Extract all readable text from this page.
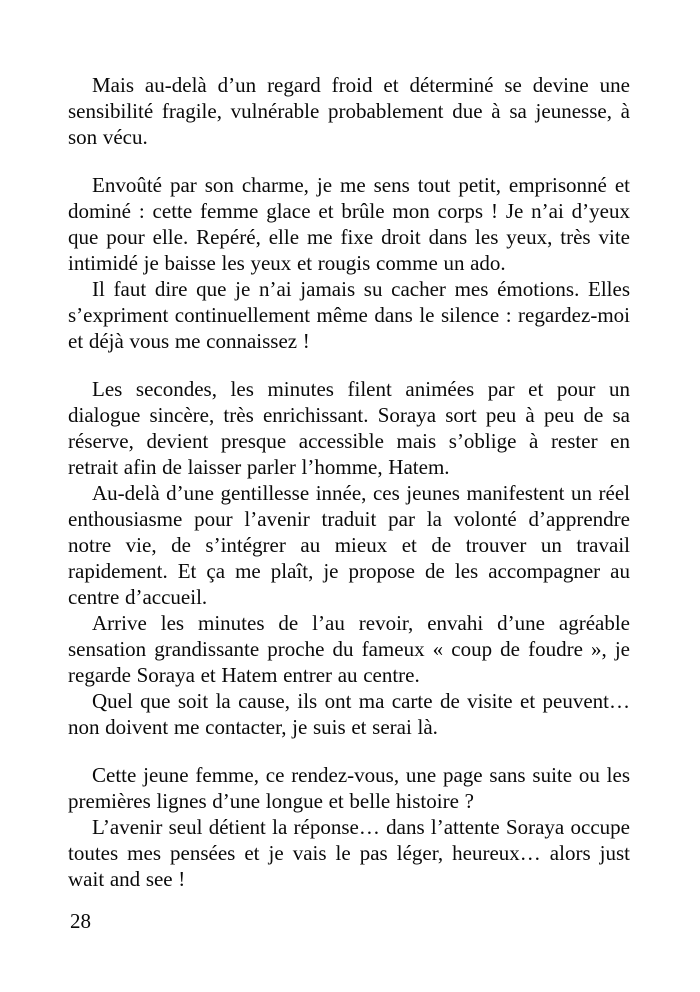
Mais au-delà d’un regard froid et déterminé se devine une sensibilité fragile, vulnérable probablement due à sa jeunesse, à son vécu.

Envoûté par son charme, je me sens tout petit, emprisonné et dominé : cette femme glace et brûle mon corps ! Je n’ai d’yeux que pour elle. Repéré, elle me fixe droit dans les yeux, très vite intimidé je baisse les yeux et rougis comme un ado.

Il faut dire que je n’ai jamais su cacher mes émotions. Elles s’expriment continuellement même dans le silence : regardez-moi et déjà vous me connaissez !

Les secondes, les minutes filent animées par et pour un dialogue sincère, très enrichissant. Soraya sort peu à peu de sa réserve, devient presque accessible mais s’oblige à rester en retrait afin de laisser parler l’homme, Hatem.

Au-delà d’une gentillesse innée, ces jeunes manifestent un réel enthousiasme pour l’avenir traduit par la volonté d’apprendre notre vie, de s’intégrer au mieux et de trouver un travail rapidement. Et ça me plaît, je propose de les accompagner au centre d’accueil.

Arrive les minutes de l’au revoir, envahi d’une agréable sensation grandissante proche du fameux « coup de foudre », je regarde Soraya et Hatem entrer au centre.

Quel que soit la cause, ils ont ma carte de visite et peuvent… non doivent me contacter, je suis et serai là.

Cette jeune femme, ce rendez-vous, une page sans suite ou les premières lignes d’une longue et belle histoire ?

L’avenir seul détient la réponse… dans l’attente Soraya occupe toutes mes pensées et je vais le pas léger, heureux… alors just wait and see !

28
